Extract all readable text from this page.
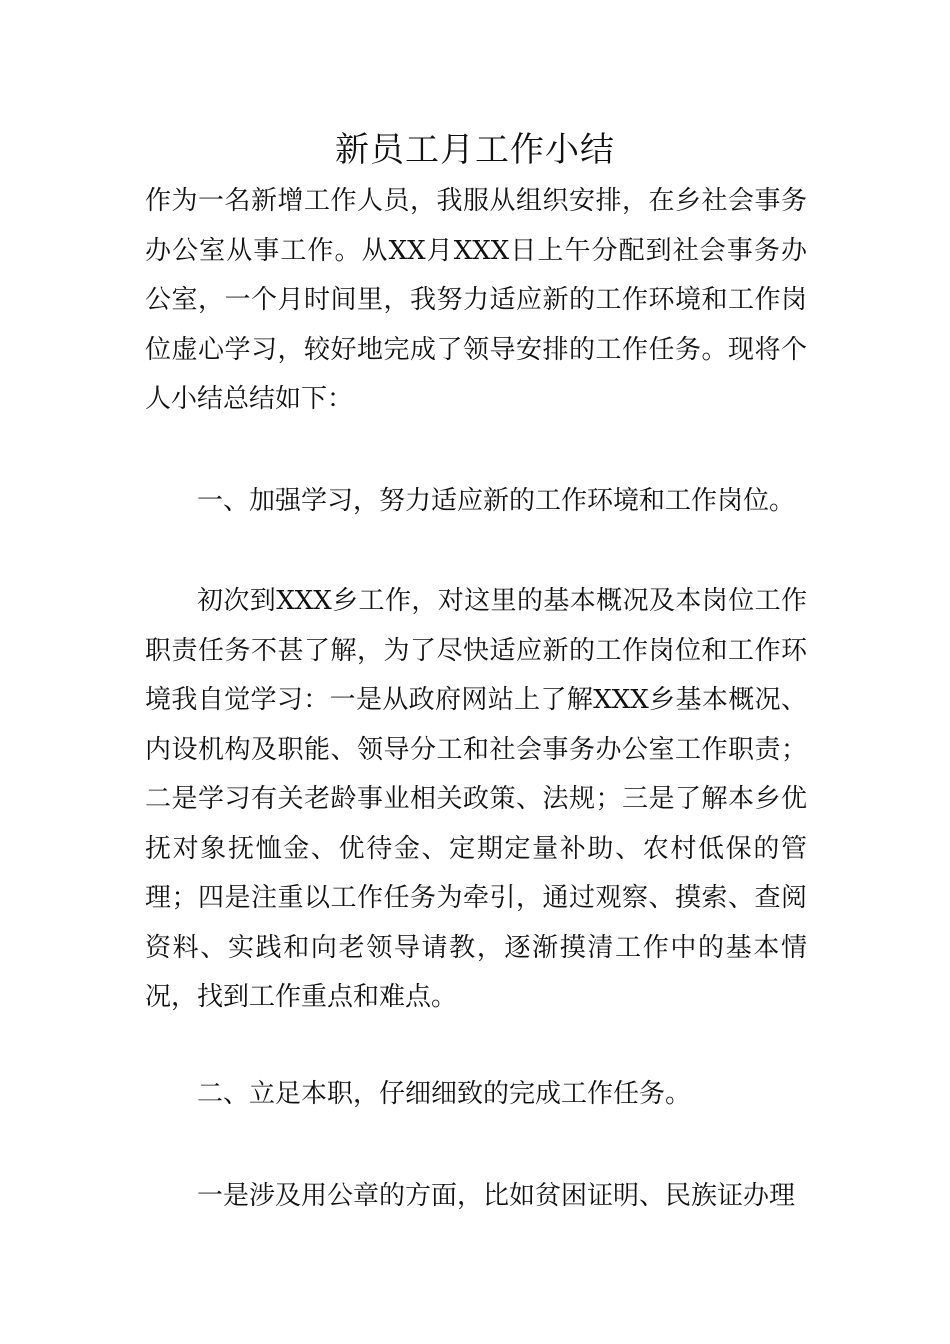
新员工月工作小结

作为一名新增工作人员，我服从组织安排，在乡社会事务办公室从事工作。从XX月XXX日上午分配到社会事务办公室，一个月时间里，我努力适应新的工作环境和工作岗位虚心学习，较好地完成了领导安排的工作任务。现将个人小结总结如下：

一、加强学习，努力适应新的工作环境和工作岗位。

初次到XXX乡工作，对这里的基本概况及本岗位工作职责任务不甚了解，为了尽快适应新的工作岗位和工作环境我自觉学习：一是从政府网站上了解XXX乡基本概况、内设机构及职能、领导分工和社会事务办公室工作职责；二是学习有关老龄事业相关政策、法规；三是了解本乡优抚对象抚恤金、优待金、定期定量补助、农村低保的管理；四是注重以工作任务为牵引，通过观察、摸索、查阅资料、实践和向老领导请教，逐渐摸清工作中的基本情况，找到工作重点和难点。

二、立足本职，仔细细致的完成工作任务。

一是涉及用公章的方面，比如贫困证明、民族证办理
